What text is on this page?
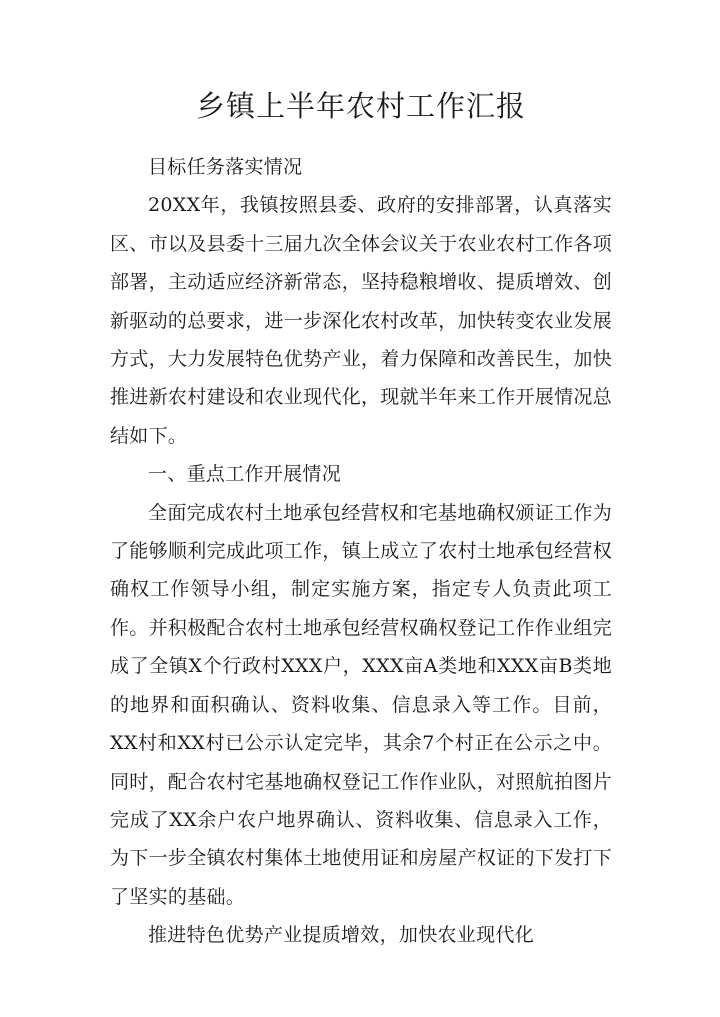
乡镇上半年农村工作汇报

目标任务落实情况

20XX年，我镇按照县委、政府的安排部署，认真落实区、市以及县委十三届九次全体会议关于农业农村工作各项部署，主动适应经济新常态，坚持稳粮增收、提质增效、创新驱动的总要求，进一步深化农村改革，加快转变农业发展方式，大力发展特色优势产业，着力保障和改善民生，加快推进新农村建设和农业现代化，现就半年来工作开展情况总结如下。

一、重点工作开展情况

全面完成农村土地承包经营权和宅基地确权颁证工作为了能够顺利完成此项工作，镇上成立了农村土地承包经营权确权工作领导小组，制定实施方案，指定专人负责此项工作。并积极配合农村土地承包经营权确权登记工作作业组完成了全镇X个行政村XXX户，XXX亩A类地和XXX亩B类地的地界和面积确认、资料收集、信息录入等工作。目前，XX村和XX村已公示认定完毕，其余7个村正在公示之中。同时，配合农村宅基地确权登记工作作业队，对照航拍图片完成了XX余户农户地界确认、资料收集、信息录入工作，为下一步全镇农村集体土地使用证和房屋产权证的下发打下了坚实的基础。

推进特色优势产业提质增效，加快农业现代化
